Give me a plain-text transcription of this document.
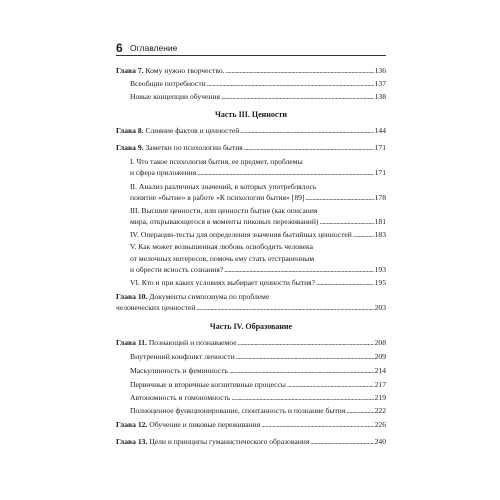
6 Оглавление
Глава 7. Кому нужно творчество. . . .	136
Всеобщие потребности . . .	137
Новые концепции обучения . . .	138
Часть III. Ценности
Глава 8. Слияние фактов и ценностей . . .	144
Глава 9. Заметки по психологии бытия . . .	171
I. Что такое психология бытия, ее предмет, проблемы
и сфера приложения . . .	171
II. Анализ различных значений, в которых употреблялось
понятие «бытие» в работе «К психологии бытия» [89] . . .	178
III. Высшие ценности, или ценности бытия (как описания
мира, открывающегося в моменты пиковых переживаний) . . .	181
IV. Операции-тесты для определения значения бытийных ценностей . . .	183
V. Как может возвышенная любовь освободить человека
от мелочных интересов, помочь ему стать отстраненным
и обрести ясность сознания? . . .	193
VI. Кто и при каких условиях выбирает ценности бытия? . . .	195
Глава 10. Документы симпозиума по проблеме
человеческих ценностей . . .	203
Часть IV. Образование
Глава 11. Познающий и познаваемое . . .	208
Внутренний конфликт личности . . .	209
Маскулинность и феминность . . .	214
Первичные и вторичные когнитивные процессы . . .	217
Автономность и гомономность . . .	219
Полноценное функционирование, спонтанность и познание бытия . . .	222
Глава 12. Обучение и пиковые переживания . . .	226
Глава 13. Цели и принципы гуманистического образования . . .	240
